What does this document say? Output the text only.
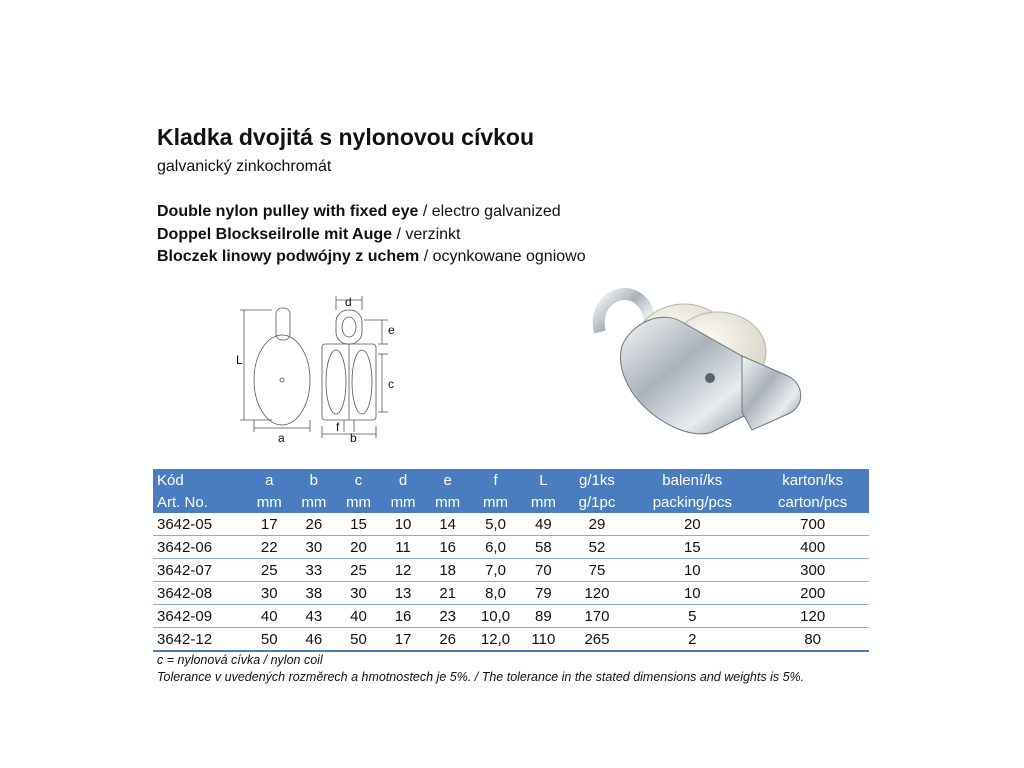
Kladka dvojitá s nylonovou cívkou
galvanický zinkochromát
Double nylon pulley with fixed eye / electro galvanized
Doppel Blockseilrolle mit Auge / verzinkt
Bloczek linowy podwójny z uchem / ocynkowane ogniowo
L
a
d
e
c
f
b
Kód	a	b	c	d	e	f	L	g/1ks	balení/ks	karton/ks
Art. No.	mm	mm	mm	mm	mm	mm	mm	g/1pc	packing/pcs	carton/pcs
3642-05	17	26	15	10	14	5,0	49	29	20	700
3642-06	22	30	20	11	16	6,0	58	52	15	400
3642-07	25	33	25	12	18	7,0	70	75	10	300
3642-08	30	38	30	13	21	8,0	79	120	10	200
3642-09	40	43	40	16	23	10,0	89	170	5	120
3642-12	50	46	50	17	26	12,0	110	265	2	80
c = nylonová cívka / nylon coil
Tolerance v uvedených rozměrech a hmotnostech je 5%. / The tolerance in the stated dimensions and weights is 5%.
